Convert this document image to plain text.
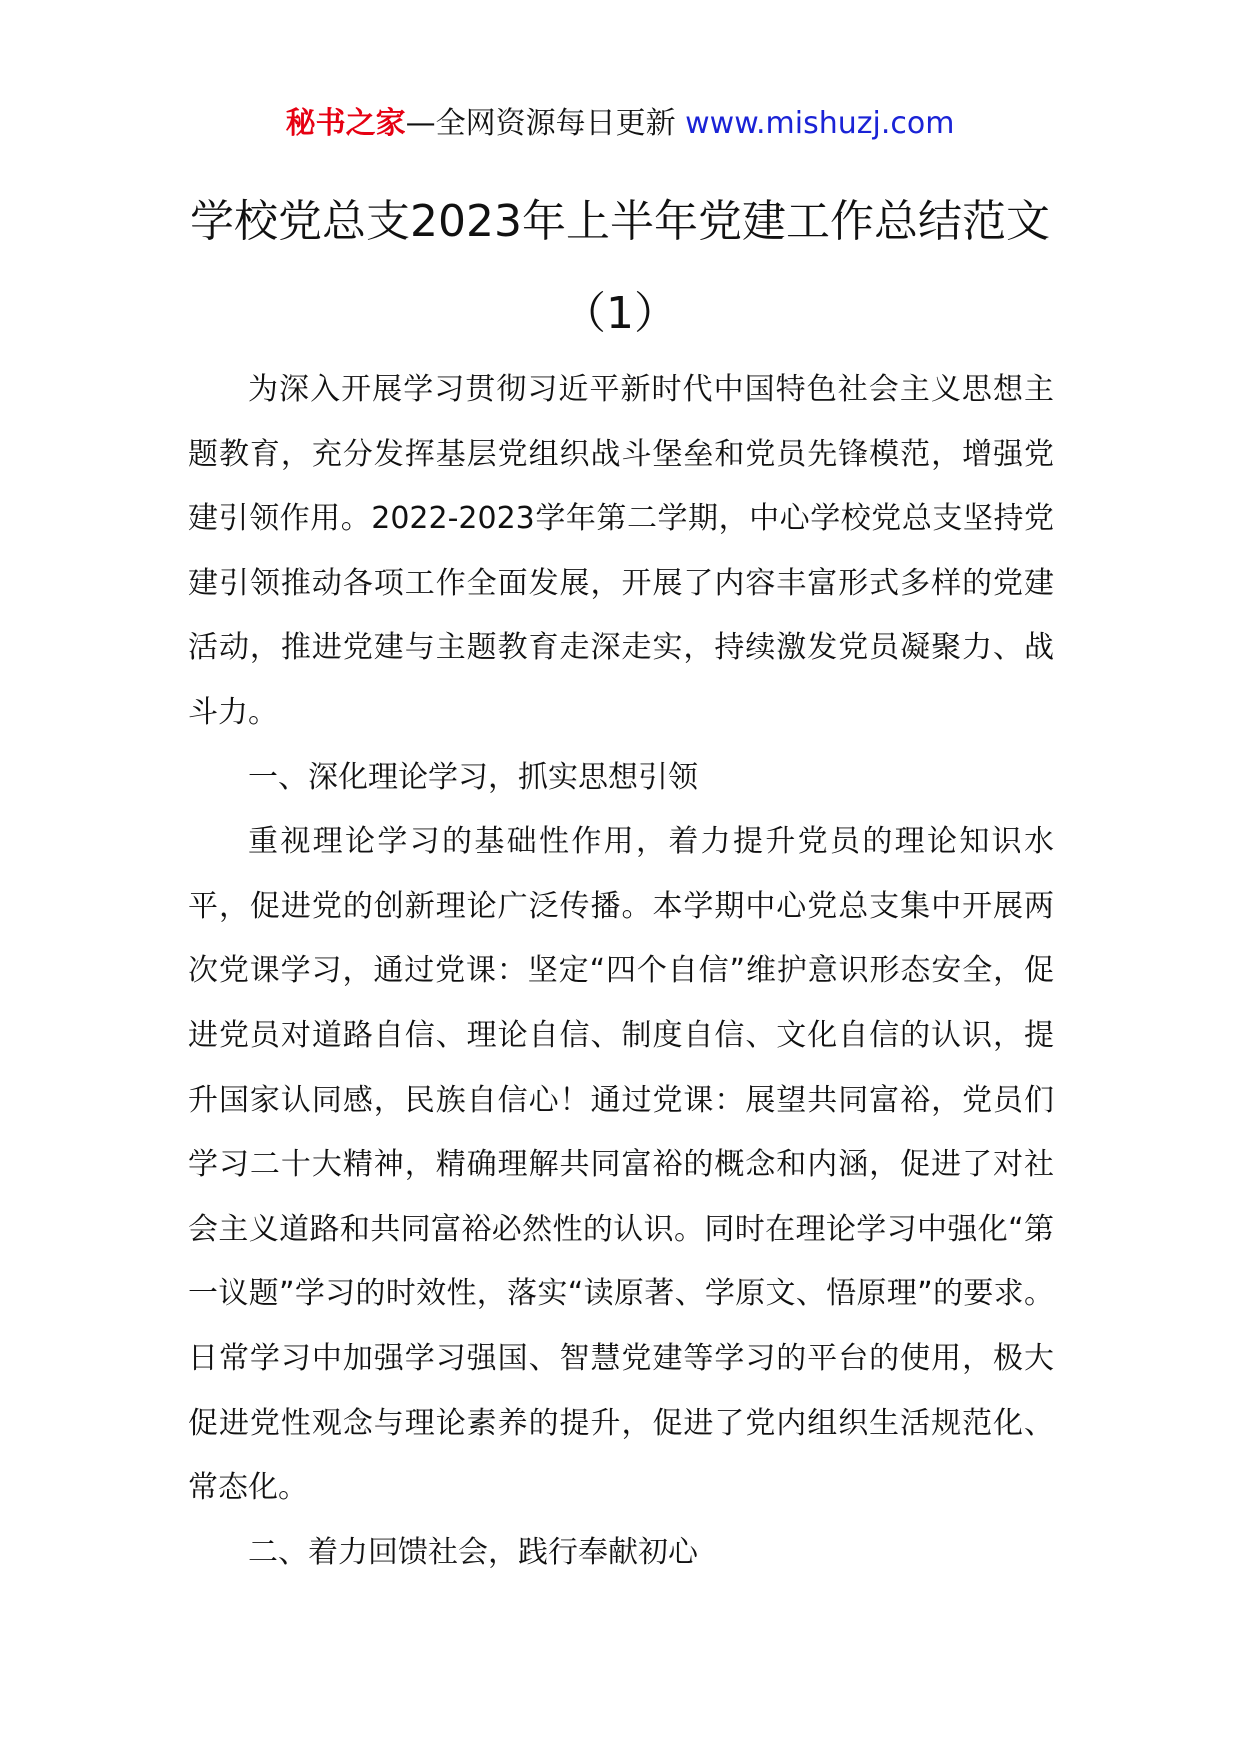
秘书之家—全网资源每日更新 www.mishuzj.com
学校党总支2023年上半年党建工作总结范文（1）

为深入开展学习贯彻习近平新时代中国特色社会主义思想主题教育，充分发挥基层党组织战斗堡垒和党员先锋模范，增强党建引领作用。2022-2023学年第二学期，中心学校党总支坚持党建引领推动各项工作全面发展，开展了内容丰富形式多样的党建活动，推进党建与主题教育走深走实，持续激发党员凝聚力、战斗力。

一、深化理论学习，抓实思想引领

重视理论学习的基础性作用，着力提升党员的理论知识水平，促进党的创新理论广泛传播。本学期中心党总支集中开展两次党课学习，通过党课：坚定“四个自信”维护意识形态安全，促进党员对道路自信、理论自信、制度自信、文化自信的认识，提升国家认同感，民族自信心！通过党课：展望共同富裕，党员们学习二十大精神，精确理解共同富裕的概念和内涵，促进了对社会主义道路和共同富裕必然性的认识。同时在理论学习中强化“第一议题”学习的时效性，落实“读原著、学原文、悟原理”的要求。日常学习中加强学习强国、智慧党建等学习的平台的使用，极大促进党性观念与理论素养的提升，促进了党内组织生活规范化、常态化。

二、着力回馈社会，践行奉献初心
